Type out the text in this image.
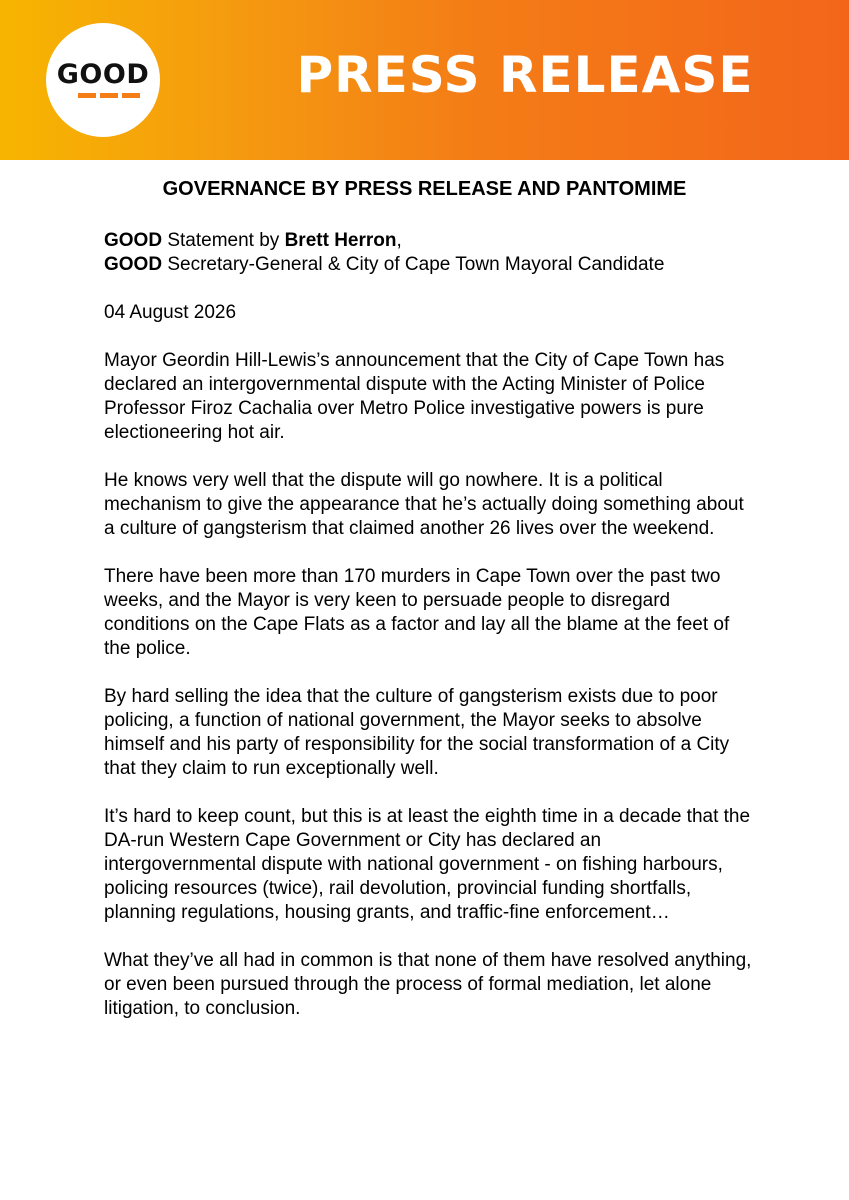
GOOD	PRESS RELEASE
GOVERNANCE BY PRESS RELEASE AND PANTOMIME

GOOD Statement by Brett Herron,
GOOD Secretary-General & City of Cape Town Mayoral Candidate

04 August 2026

Mayor Geordin Hill-Lewis’s announcement that the City of Cape Town has declared an intergovernmental dispute with the Acting Minister of Police Professor Firoz Cachalia over Metro Police investigative powers is pure electioneering hot air.

He knows very well that the dispute will go nowhere. It is a political mechanism to give the appearance that he’s actually doing something about a culture of gangsterism that claimed another 26 lives over the weekend.

There have been more than 170 murders in Cape Town over the past two weeks, and the Mayor is very keen to persuade people to disregard conditions on the Cape Flats as a factor and lay all the blame at the feet of the police.

By hard selling the idea that the culture of gangsterism exists due to poor policing, a function of national government, the Mayor seeks to absolve himself and his party of responsibility for the social transformation of a City that they claim to run exceptionally well.

It’s hard to keep count, but this is at least the eighth time in a decade that the DA-run Western Cape Government or City has declared an intergovernmental dispute with national government - on fishing harbours, policing resources (twice), rail devolution, provincial funding shortfalls, planning regulations, housing grants, and traffic-fine enforcement…

What they’ve all had in common is that none of them have resolved anything, or even been pursued through the process of formal mediation, let alone litigation, to conclusion.
